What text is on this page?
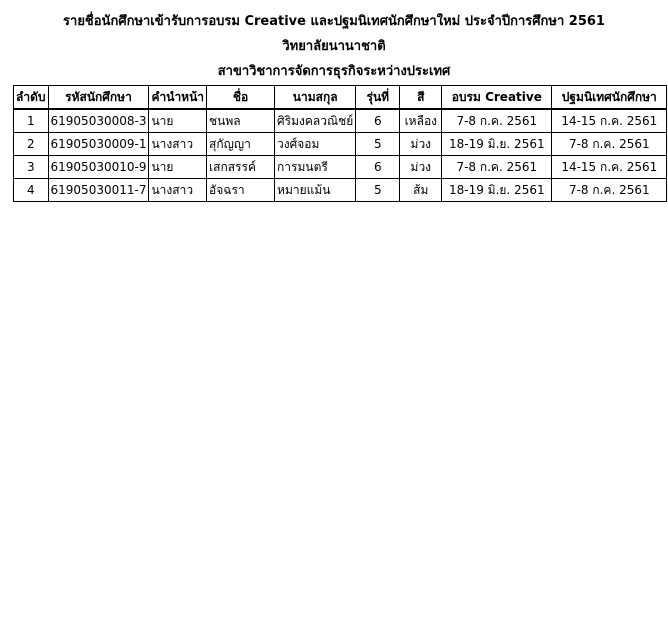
รายชื่อนักศึกษาเข้ารับการอบรม Creative และปฐมนิเทศนักศึกษาใหม่ ประจำปีการศึกษา 2561
วิทยาลัยนานาชาติ
สาขาวิชาการจัดการธุรกิจระหว่างประเทศ
ลำดับ	รหัสนักศึกษา	คำนำหน้า	ชื่อ	นามสกุล	รุ่นที่	สี	อบรม Creative	ปฐมนิเทศนักศึกษา
1	61905030008-3	นาย	ชนพล	ศิริมงคลวณิชย์	6	เหลือง	7-8 ก.ค. 2561	14-15 ก.ค. 2561
2	61905030009-1	นางสาว	สุกัญญา	วงศ์จอม	5	ม่วง	18-19 มิ.ย. 2561	7-8 ก.ค. 2561
3	61905030010-9	นาย	เสกสรรค์	การมนตรี	6	ม่วง	7-8 ก.ค. 2561	14-15 ก.ค. 2561
4	61905030011-7	นางสาว	อัจฉรา	หมายแม้น	5	ส้ม	18-19 มิ.ย. 2561	7-8 ก.ค. 2561
